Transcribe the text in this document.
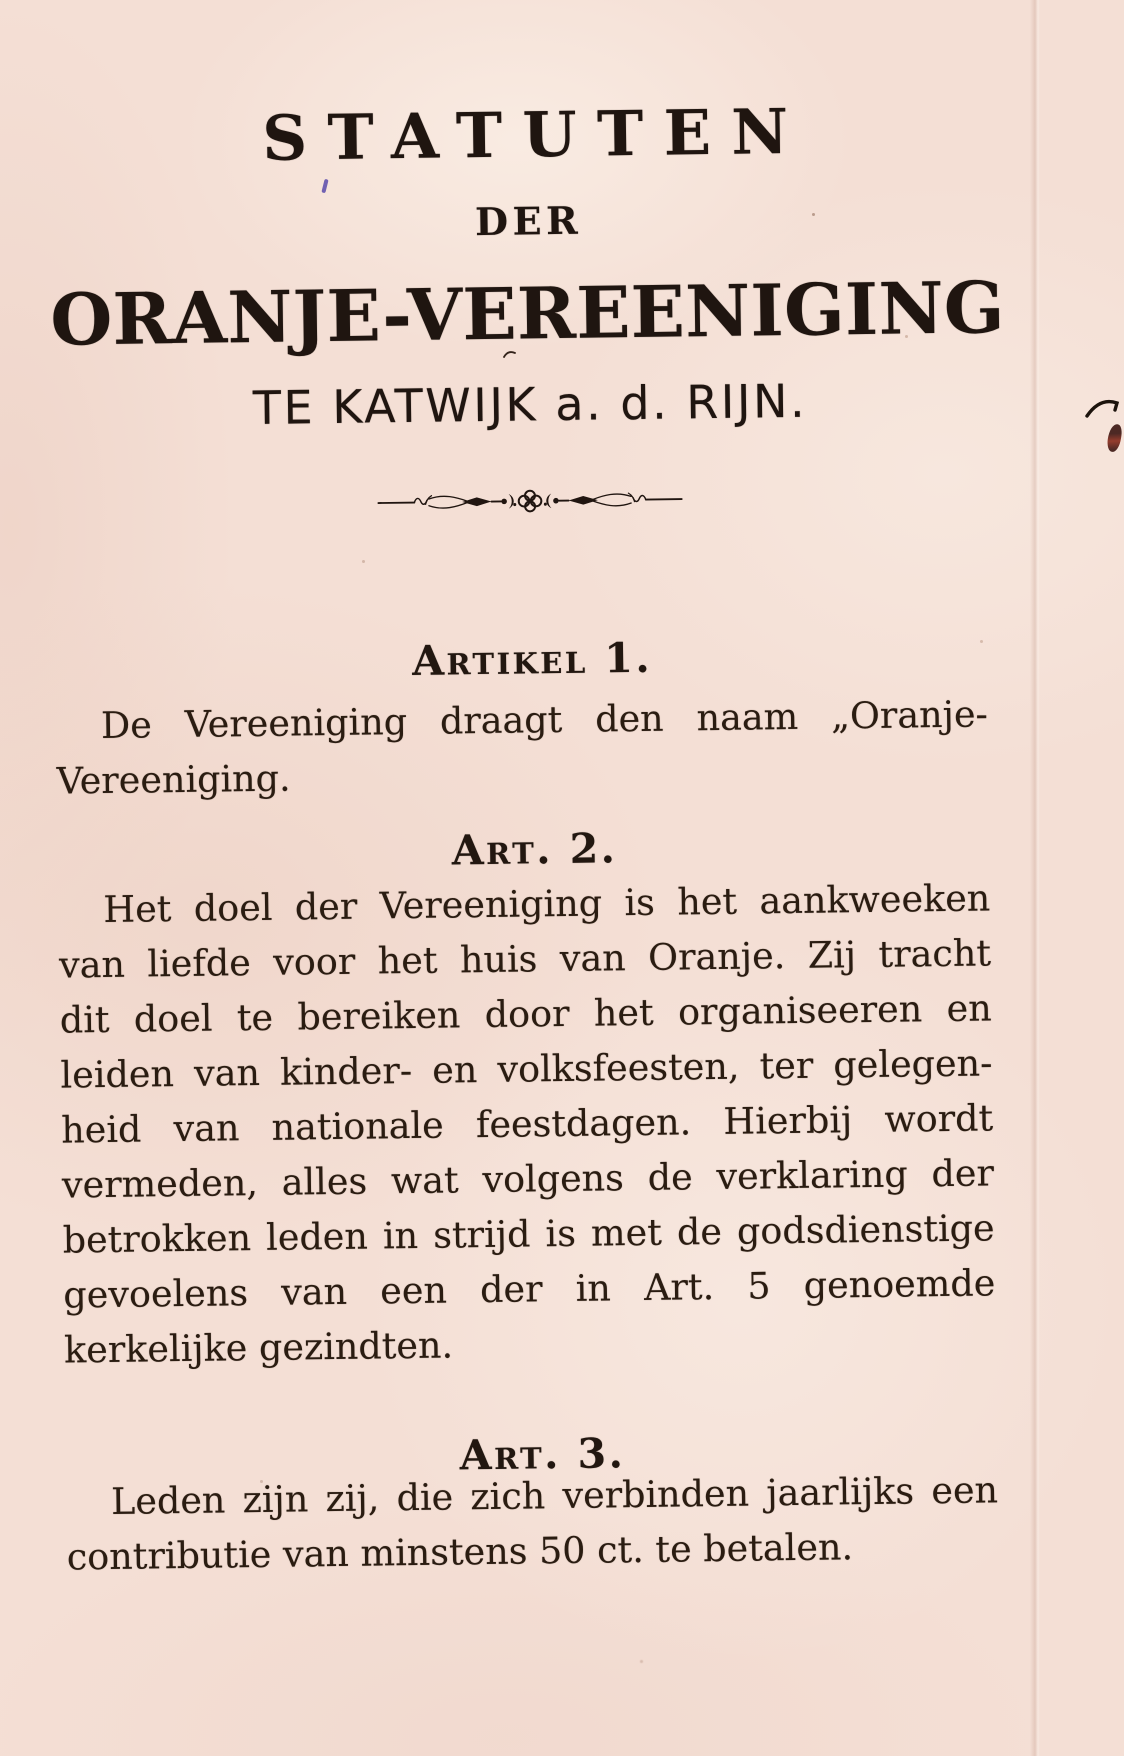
STATUTEN
DER
ORANJE-VEREENIGING
TE KATWIJK a. d. RIJN.
Artikel 1.
De Vereeniging draagt den naam „Oranje-
Vereeniging.
Art. 2.
Het doel der Vereeniging is het aankweeken
van liefde voor het huis van Oranje. Zij tracht
dit doel te bereiken door het organiseeren en
leiden van kinder- en volksfeesten, ter gelegen-
heid van nationale feestdagen. Hierbij wordt
vermeden, alles wat volgens de verklaring der
betrokken leden in strijd is met de godsdienstige
gevoelens van een der in Art. 5 genoemde
kerkelijke gezindten.
Art. 3.
Leden zijn zij, die zich verbinden jaarlijks een
contributie van minstens 50 ct. te betalen.
